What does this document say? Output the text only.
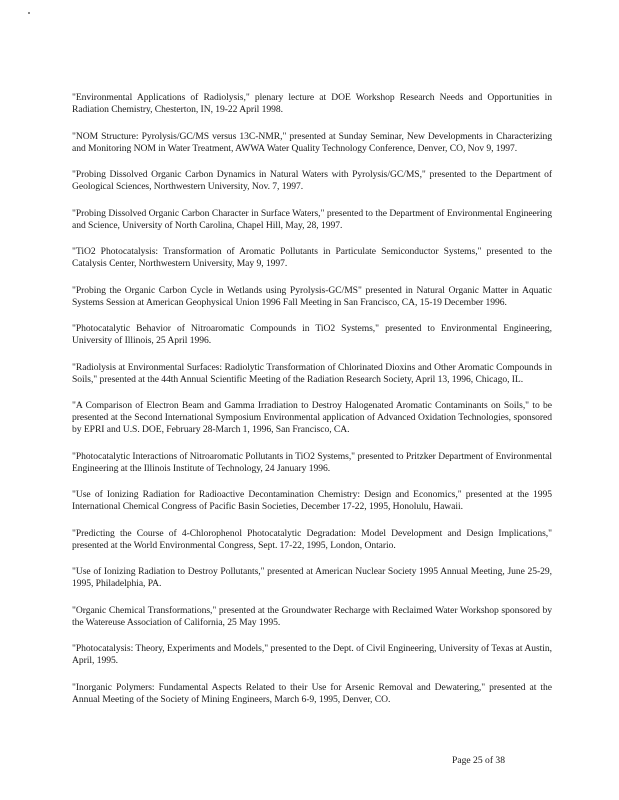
"Environmental Applications of Radiolysis," plenary lecture at DOE Workshop Research Needs and Opportunities in Radiation Chemistry, Chesterton, IN, 19-22 April 1998.

"NOM Structure: Pyrolysis/GC/MS versus 13C-NMR," presented at Sunday Seminar, New Developments in Characterizing and Monitoring NOM in Water Treatment, AWWA Water Quality Technology Conference, Denver, CO, Nov 9, 1997.

"Probing Dissolved Organic Carbon Dynamics in Natural Waters with Pyrolysis/GC/MS," presented to the Department of Geological Sciences, Northwestern University, Nov. 7, 1997.

"Probing Dissolved Organic Carbon Character in Surface Waters," presented to the Department of Environmental Engineering and Science, University of North Carolina, Chapel Hill, May, 28, 1997.

"TiO2 Photocatalysis: Transformation of Aromatic Pollutants in Particulate Semiconductor Systems," presented to the Catalysis Center, Northwestern University, May 9, 1997.

"Probing the Organic Carbon Cycle in Wetlands using Pyrolysis-GC/MS" presented in Natural Organic Matter in Aquatic Systems Session at American Geophysical Union 1996 Fall Meeting in San Francisco, CA, 15-19 December 1996.

"Photocatalytic Behavior of Nitroaromatic Compounds in TiO2 Systems," presented to Environmental Engineering, University of Illinois, 25 April 1996.

"Radiolysis at Environmental Surfaces: Radiolytic Transformation of Chlorinated Dioxins and Other Aromatic Compounds in Soils," presented at the 44th Annual Scientific Meeting of the Radiation Research Society, April 13, 1996, Chicago, IL.

"A Comparison of Electron Beam and Gamma Irradiation to Destroy Halogenated Aromatic Contaminants on Soils," to be presented at the Second International Symposium Environmental application of Advanced Oxidation Technologies, sponsored by EPRI and U.S. DOE, February 28-March 1, 1996, San Francisco, CA.

"Photocatalytic Interactions of Nitroaromatic Pollutants in TiO2 Systems," presented to Pritzker Department of Environmental Engineering at the Illinois Institute of Technology, 24 January 1996.

"Use of Ionizing Radiation for Radioactive Decontamination Chemistry: Design and Economics," presented at the 1995 International Chemical Congress of Pacific Basin Societies, December 17-22, 1995, Honolulu, Hawaii.

"Predicting the Course of 4-Chlorophenol Photocatalytic Degradation: Model Development and Design Implications," presented at the World Environmental Congress, Sept. 17-22, 1995, London, Ontario.

"Use of Ionizing Radiation to Destroy Pollutants," presented at American Nuclear Society 1995 Annual Meeting, June 25-29, 1995, Philadelphia, PA.

"Organic Chemical Transformations," presented at the Groundwater Recharge with Reclaimed Water Workshop sponsored by the Watereuse Association of California, 25 May 1995.

"Photocatalysis: Theory, Experiments and Models," presented to the Dept. of Civil Engineering, University of Texas at Austin, April, 1995.

"Inorganic Polymers: Fundamental Aspects Related to their Use for Arsenic Removal and Dewatering," presented at the Annual Meeting of the Society of Mining Engineers, March 6-9, 1995, Denver, CO.

Page 25 of 38
